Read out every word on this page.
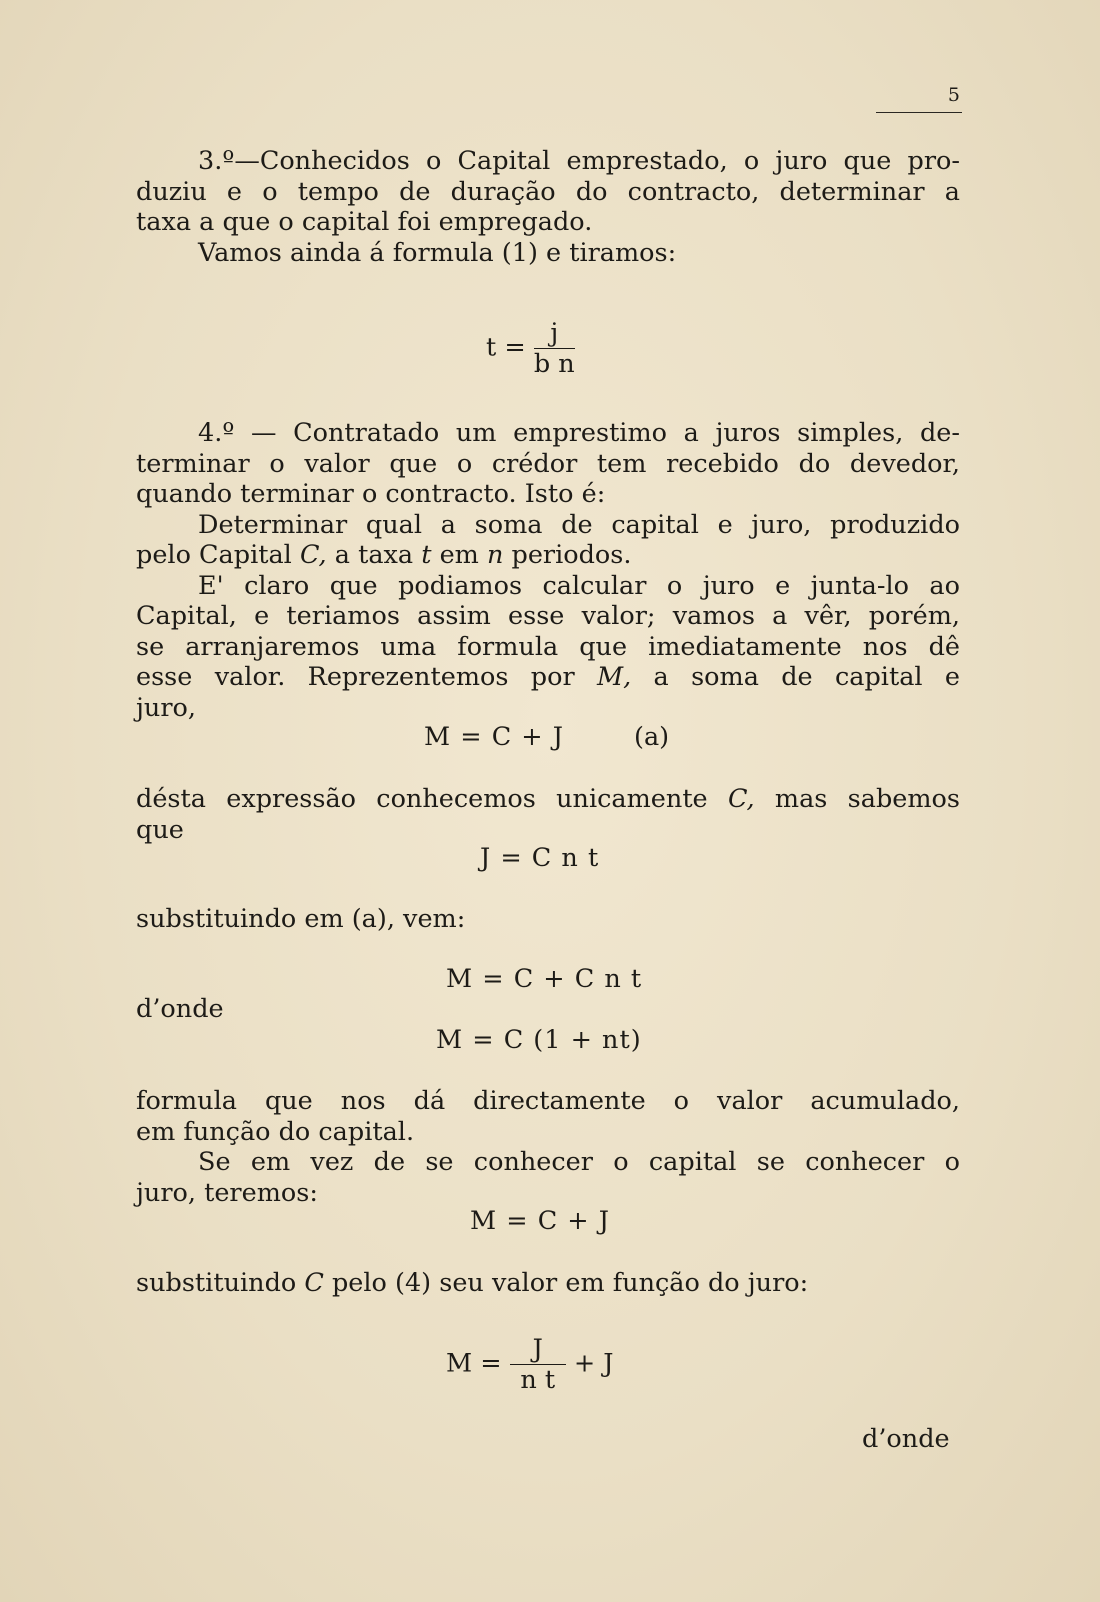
5
3.º—Conhecidos o Capital emprestado, o juro que pro-
duziu e o tempo de duração do contracto, determinar a
taxa a que o capital foi empregado.
Vamos ainda á formula (1) e tiramos:
$t = \frac{j}{\text{b n}}$
4.º — Contratado um emprestimo a juros simples, de-
terminar o valor que o crédor tem recebido do devedor,
quando terminar o contracto. Isto é:
Determinar qual a soma de capital e juro, produzido
pelo Capital C, a taxa t em n periodos.
E' claro que podiamos calcular o juro e junta-lo ao
Capital, e teriamos assim esse valor; vamos a vêr, porém,
se arranjaremos uma formula que imediatamente nos dê
esse valor. Reprezentemos por M, a soma de capital e
juro,
M = C + J	(a)
désta expressão conhecemos unicamente C, mas sabemos
que
J = C n t
substituindo em (a), vem:
M = C + C n t
d’onde
M = C (1 + nt)
formula que nos dá directamente o valor acumulado,
em função do capital.
Se em vez de se conhecer o capital se conhecer o
juro, teremos:
M = C + J
substituindo C pelo (4) seu valor em função do juro:
$M = \frac{J}{\text{n t}} + J$
d’onde
